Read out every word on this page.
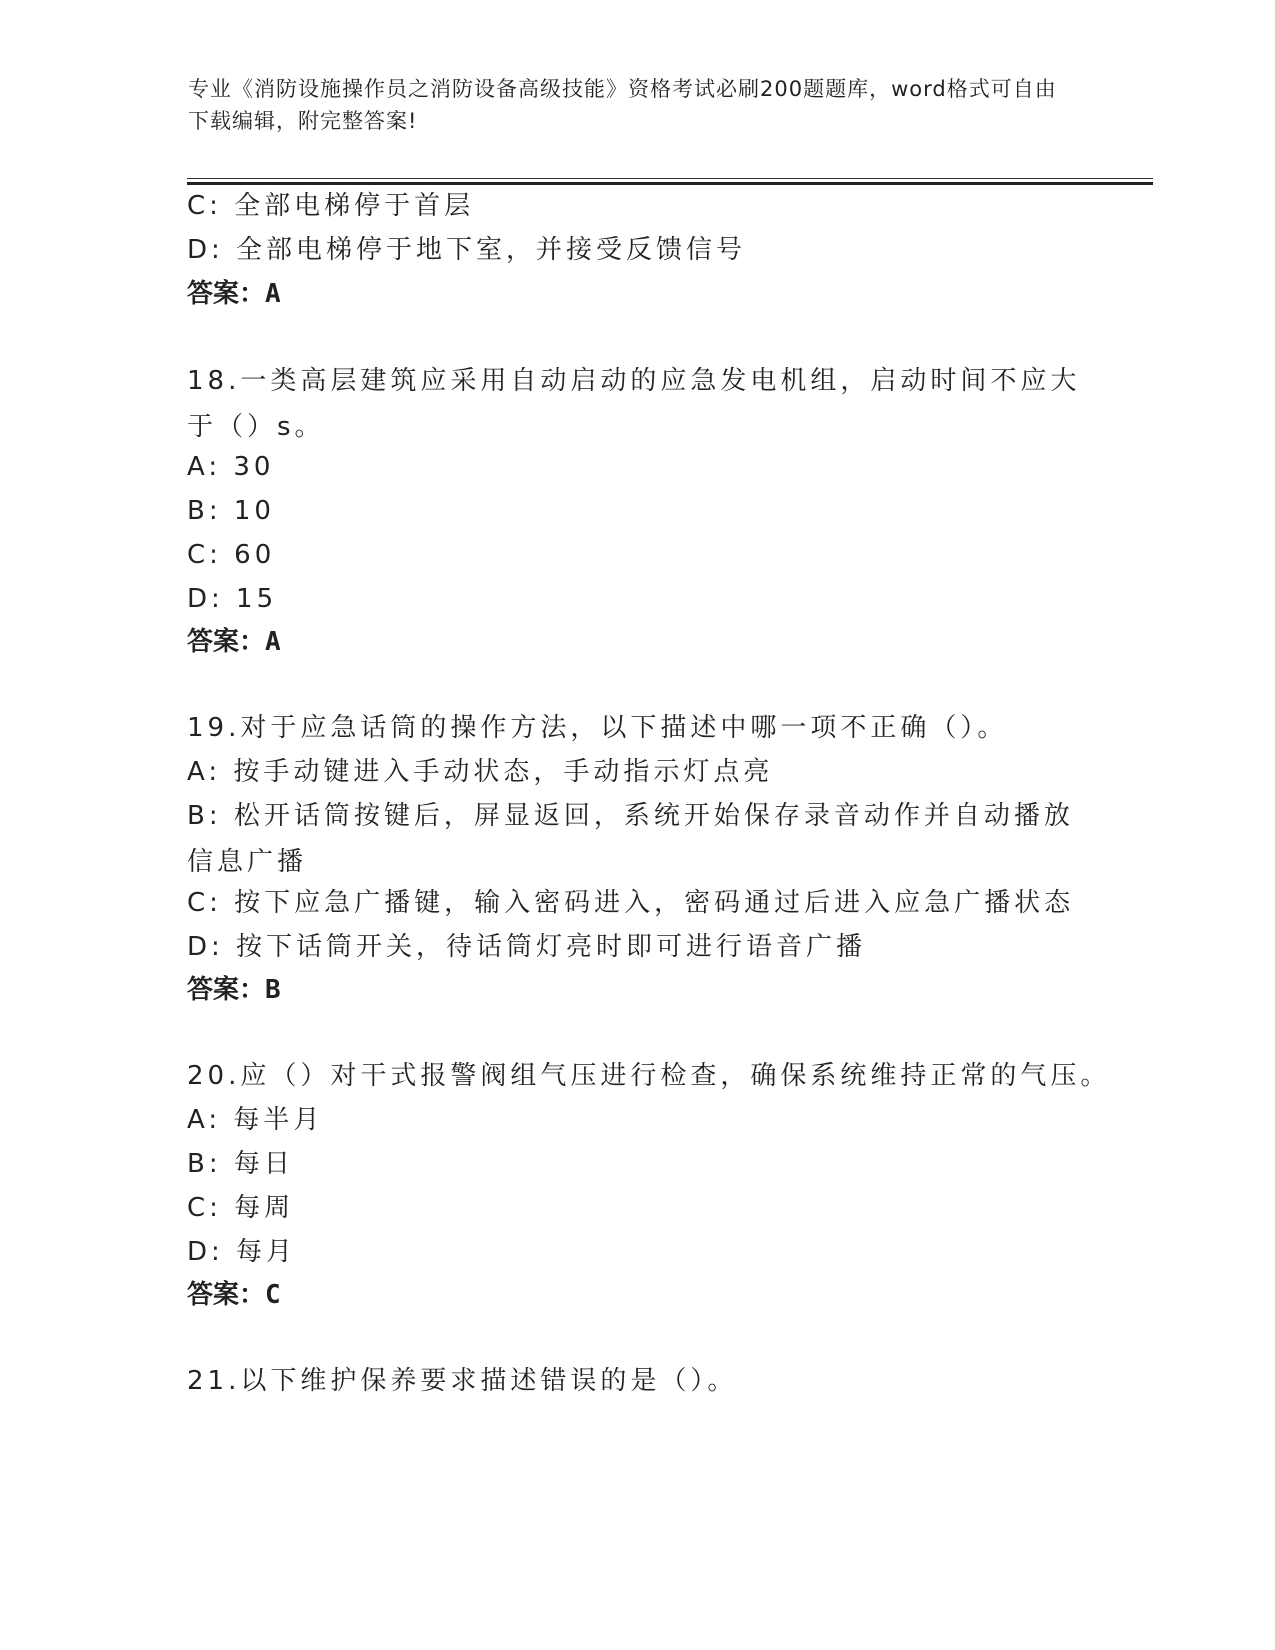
专业《消防设施操作员之消防设备高级技能》资格考试必刷200题题库，word格式可自由下载编辑，附完整答案!
C: 全部电梯停于首层
D: 全部电梯停于地下室，并接受反馈信号
答案：A
18.一类高层建筑应采用自动启动的应急发电机组，启动时间不应大于（）s。
A: 30
B: 10
C: 60
D: 15
答案：A
19.对于应急话筒的操作方法，以下描述中哪一项不正确（）。
A: 按手动键进入手动状态，手动指示灯点亮
B: 松开话筒按键后，屏显返回，系统开始保存录音动作并自动播放信息广播
C: 按下应急广播键，输入密码进入，密码通过后进入应急广播状态
D: 按下话筒开关，待话筒灯亮时即可进行语音广播
答案：B
20.应（）对干式报警阀组气压进行检查，确保系统维持正常的气压。
A: 每半月
B: 每日
C: 每周
D: 每月
答案：C
21.以下维护保养要求描述错误的是（）。
